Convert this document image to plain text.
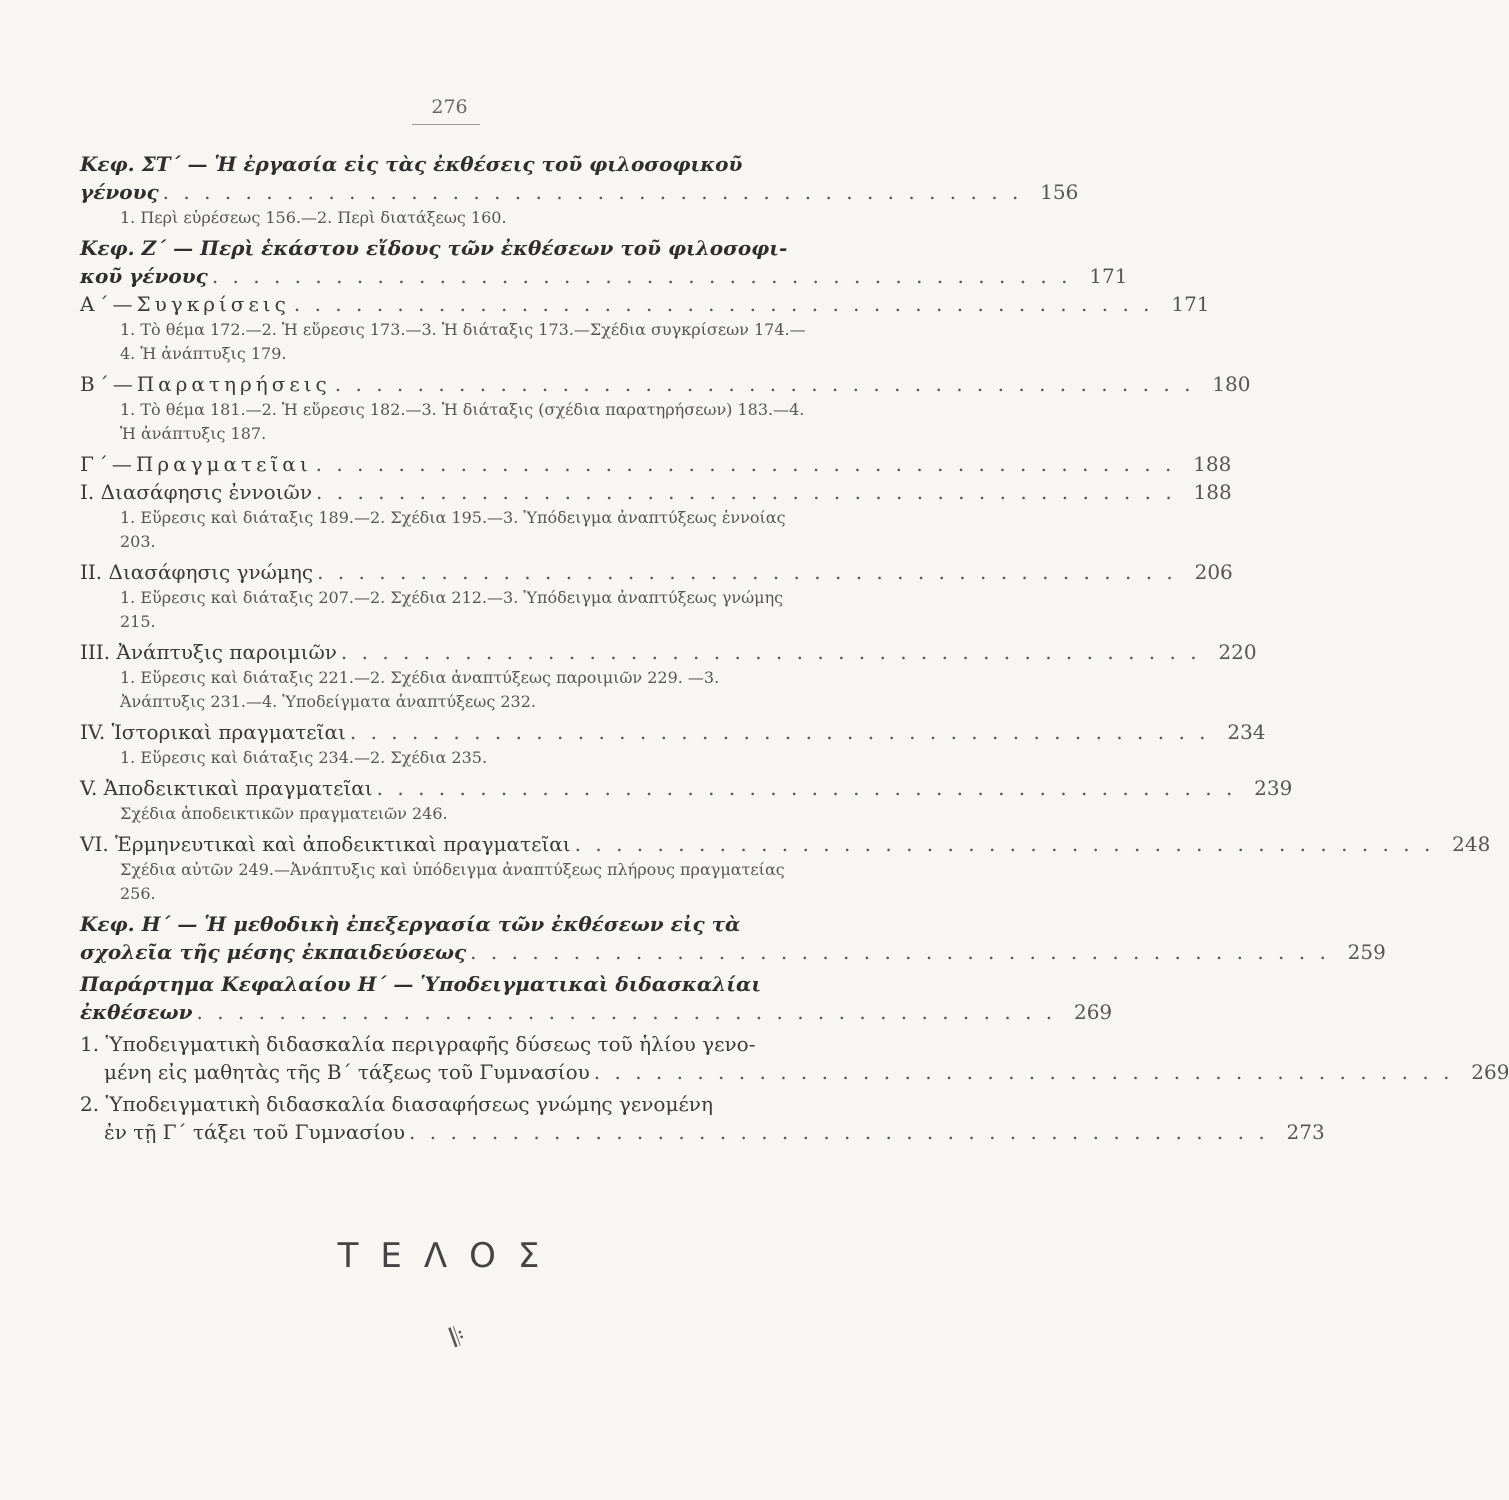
276
Κεφ. ΣΤ΄ — Ἡ ἐργασία εἰς τὰς ἐκθέσεις τοῦ φιλοσοφικοῦ
γένους . . . . . . . . . . . . . . . . . . . . . . . . . . . . . . . . . . . . . . . . . . 156
1. Περὶ εὑρέσεως 156.—2. Περὶ διατάξεως 160.
Κεφ. Ζ΄ — Περὶ ἑκάστου εἴδους τῶν ἐκθέσεων τοῦ φιλοσοφι-
κοῦ γένους . . . . . . . . . . . . . . . . . . . . . . . . . . . . . . . . . . . . . . . . . . 171
Α΄—Συγκρίσεις . . . . . . . . . . . . . . . . . . . . . . . . . . . . . . . . . . . . . . . . . . 171
1. Τὸ θέμα 172.—2. Ἡ εὕρεσις 173.—3. Ἡ διάταξις 173.—Σχέδια συγκρίσεων 174.—4. Ἡ ἀνάπτυξις 179.
Β΄—Παρατηρήσεις . . . . . . . . . . . . . . . . . . . . . . . . . . . . . . . . . . . . . . . . . . 180
1. Τὸ θέμα 181.—2. Ἡ εὕρεσις 182.—3. Ἡ διάταξις (σχέδια παρατηρήσεων) 183.—4. Ἡ ἀνάπτυξις 187.
Γ΄—Πραγματεῖαι . . . . . . . . . . . . . . . . . . . . . . . . . . . . . . . . . . . . . . . . . . 188
I. Διασάφησις ἐννοιῶν . . . . . . . . . . . . . . . . . . . . . . . . . . . . . . . . . . . . . . . . . . 188
1. Εὕρεσις καὶ διάταξις 189.—2. Σχέδια 195.—3. Ὑπόδειγμα ἀναπτύξεως ἐννοίας 203.
II. Διασάφησις γνώμης . . . . . . . . . . . . . . . . . . . . . . . . . . . . . . . . . . . . . . . . . . 206
1. Εὕρεσις καὶ διάταξις 207.—2. Σχέδια 212.—3. Ὑπόδειγμα ἀναπτύξεως γνώμης 215.
III. Ἀνάπτυξις παροιμιῶν . . . . . . . . . . . . . . . . . . . . . . . . . . . . . . . . . . . . . . . . . . 220
1. Εὕρεσις καὶ διάταξις 221.—2. Σχέδια ἀναπτύξεως παροιμιῶν 229. —3. Ἀνάπτυξις 231.—4. Ὑποδείγματα ἀναπτύξεως 232.
IV. Ἱστορικαὶ πραγματεῖαι . . . . . . . . . . . . . . . . . . . . . . . . . . . . . . . . . . . . . . . . . . 234
1. Εὕρεσις καὶ διάταξις 234.—2. Σχέδια 235.
V. Ἀποδεικτικαὶ πραγματεῖαι . . . . . . . . . . . . . . . . . . . . . . . . . . . . . . . . . . . . . . . . . . 239
Σχέδια ἀποδεικτικῶν πραγματειῶν 246.
VI. Ἑρμηνευτικαὶ καὶ ἀποδεικτικαὶ πραγματεῖαι . . . . . . . . . . . . . . . . . . . . . . . . . . . . . . . . . . . . . . . . . . 248
Σχέδια αὐτῶν 249.—Ἀνάπτυξις καὶ ὑπόδειγμα ἀναπτύξεως πλήρους πραγματείας 256.
Κεφ. Η΄ — Ἡ μεθοδικὴ ἐπεξεργασία τῶν ἐκθέσεων εἰς τὰ
σχολεῖα τῆς μέσης ἐκπαιδεύσεως . . . . . . . . . . . . . . . . . . . . . . . . . . . . . . . . . . . . . . . . . . 259
Παράρτημα Κεφαλαίου Η΄ — Ὑποδειγματικαὶ διδασκαλίαι
ἐκθέσεων . . . . . . . . . . . . . . . . . . . . . . . . . . . . . . . . . . . . . . . . . . 269
1. Ὑποδειγματικὴ διδασκαλία περιγραφῆς δύσεως τοῦ ἡλίου γενο-
μένη εἰς μαθητὰς τῆς Β΄ τάξεως τοῦ Γυμνασίου . . . . . . . . . . . . . . . . . . . . . . . . . . . . . . . . . . . . . . . . . . 269
2. Ὑποδειγματικὴ διδασκαλία διασαφήσεως γνώμης γενομένη
ἐν τῇ Γ΄ τάξει τοῦ Γυμνασίου . . . . . . . . . . . . . . . . . . . . . . . . . . . . . . . . . . . . . . . . . . 273
ΤΕΛΟΣ
𝄆
